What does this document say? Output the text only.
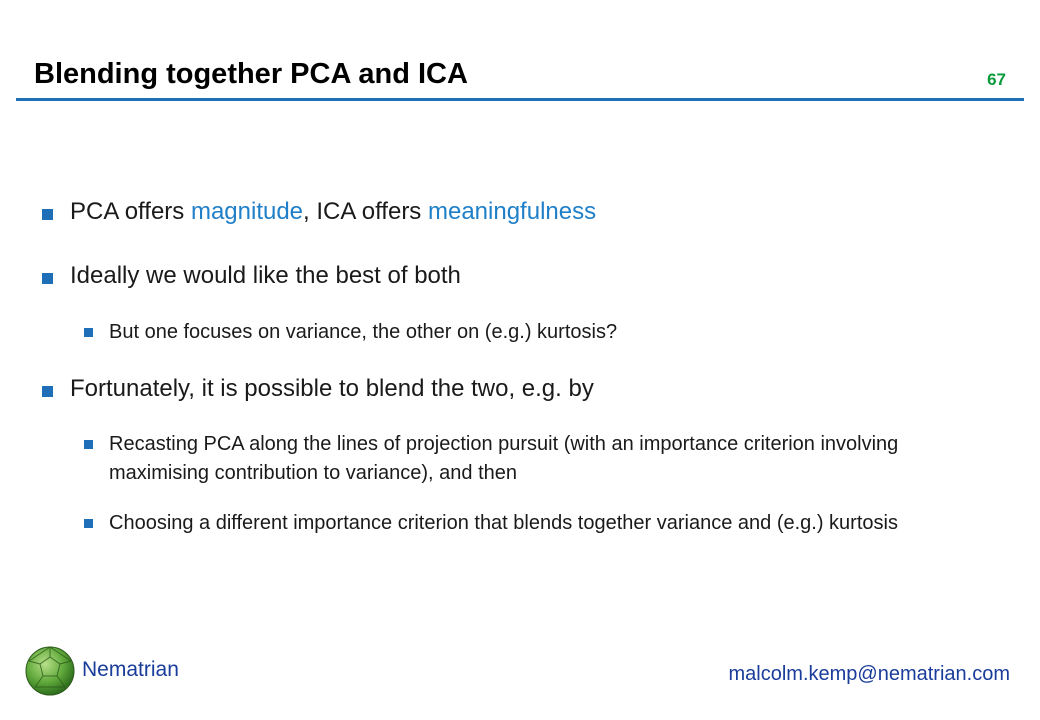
Blending together PCA and ICA	67
PCA offers magnitude, ICA offers meaningfulness
Ideally we would like the best of both
But one focuses on variance, the other on (e.g.) kurtosis?
Fortunately, it is possible to blend the two, e.g. by
Recasting PCA along the lines of projection pursuit (with an importance criterion involving maximising contribution to variance), and then
Choosing a different importance criterion that blends together variance and (e.g.) kurtosis
Nematrian	malcolm.kemp@nematrian.com
